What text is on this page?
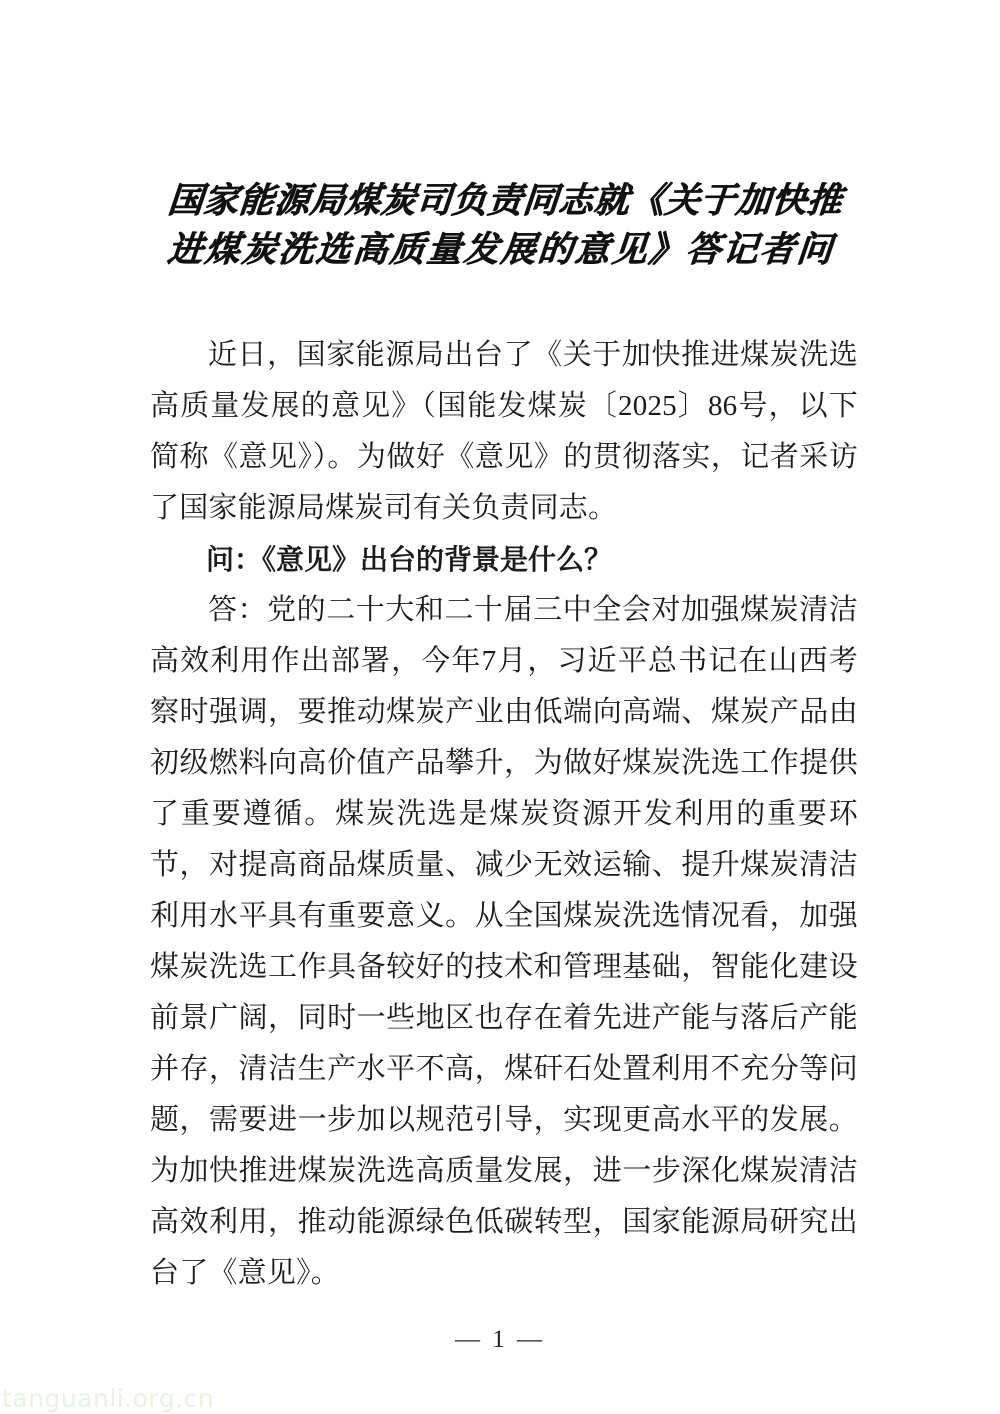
国家能源局煤炭司负责同志就《关于加快推
进煤炭洗选高质量发展的意见》答记者问

近日，国家能源局出台了《关于加快推进煤炭洗选高质量发展的意见》（国能发煤炭〔2025〕86号，以下简称《意见》）。为做好《意见》的贯彻落实，记者采访了国家能源局煤炭司有关负责同志。

问：《意见》出台的背景是什么？

答：党的二十大和二十届三中全会对加强煤炭清洁高效利用作出部署，今年7月，习近平总书记在山西考察时强调，要推动煤炭产业由低端向高端、煤炭产品由初级燃料向高价值产品攀升，为做好煤炭洗选工作提供了重要遵循。煤炭洗选是煤炭资源开发利用的重要环节，对提高商品煤质量、减少无效运输、提升煤炭清洁利用水平具有重要意义。从全国煤炭洗选情况看，加强煤炭洗选工作具备较好的技术和管理基础，智能化建设前景广阔，同时一些地区也存在着先进产能与落后产能并存，清洁生产水平不高，煤矸石处置利用不充分等问题，需要进一步加以规范引导，实现更高水平的发展。为加快推进煤炭洗选高质量发展，进一步深化煤炭清洁高效利用，推动能源绿色低碳转型，国家能源局研究出台了《意见》。

— 1 —
tanguanli.org.cn
